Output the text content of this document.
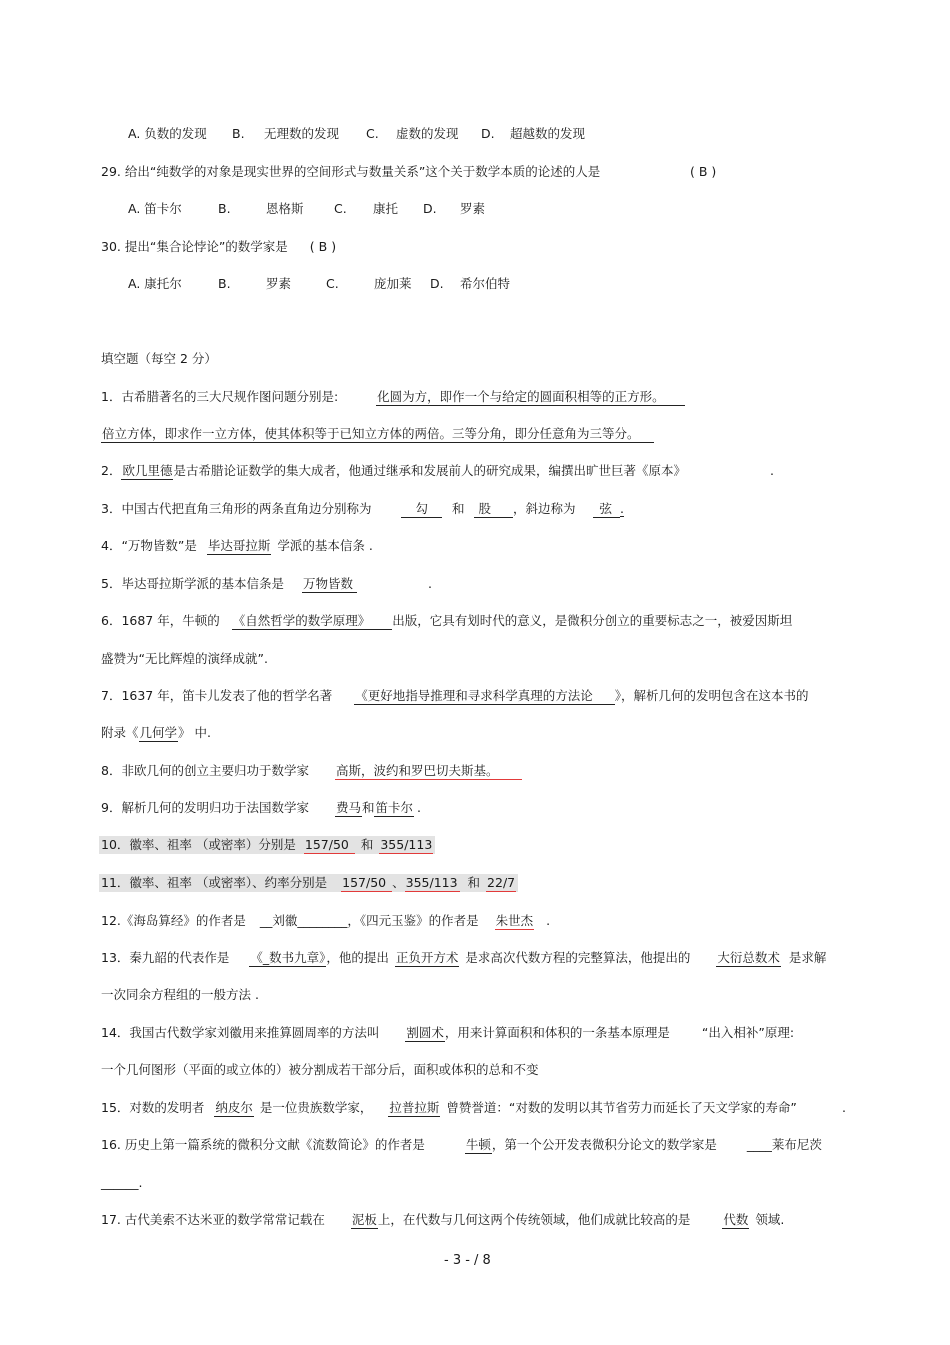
A. 负数的发现 B. 无理数的发现 C. 虚数的发现 D. 超越数的发现
29. 给出“纯数学的对象是现实世界的空间形式与数量关系”这个关于数学本质的论述的人是	( B )
A. 笛卡尔	B.	恩格斯 C. 康托 D. 罗素
30. 提出“集合论悖论”的数学家是 ( B )
A. 康托尔	B.	罗素	C.	庞加莱 D. 希尔伯特
填空题（每空 2 分）
1．古希腊著名的三大尺规作图问题分别是:	化圆为方，即作一个与给定的圆面积相等的正方形。
倍立方体，即求作一立方体，使其体积等于已知立方体的两倍。三等分角，即分任意角为三等分。
2．欧几里德是古希腊论证数学的集大成者，他通过继承和发展前人的研究成果，编撰出旷世巨著《原本》	.
3．中国古代把直角三角形的两条直角边分别称为	勾 和 股 ，斜边称为 弦 .
4．“万物皆数”是 毕达哥拉斯 学派的基本信条 .
5．毕达哥拉斯学派的基本信条是 万物皆数	.
6．1687 年，牛顿的 《自然哲学的数学原理》 出版，它具有划时代的意义，是微积分创立的重要标志之一，被爱因斯坦
盛赞为“无比辉煌的演绎成就”.
7．1637 年，笛卡儿发表了他的哲学名著 《更好地指导推理和寻求科学真理的方法论 》，解析几何的发明包含在这本书的
附录《几何学》 中.
8．非欧几何的创立主要归功于数学家 高斯，波约和罗巴切夫斯基。
9．解析几何的发明归功于法国数学家 费马和笛卡尔 .
10．徽率、祖率 （或密率）分别是 157/50 和 355/113
11．徽率、祖率 （或密率）、约率分别是 157/50 、355/113 和 22/7
12.《海岛算经》的作者是 __刘徽________，《四元玉鉴》的作者是 朱世杰 .
13．秦九韶的代表作是 《_数书九章》，他的提出 正负开方术 是求高次代数方程的完整算法，他提出的 大衍总数术 是求解
一次同余方程组的一般方法 .
14．我国古代数学家刘徽用来推算圆周率的方法叫 割圆术，用来计算面积和体积的一条基本原理是	“出入相补”原理:
一个几何图形（平面的或立体的）被分割成若干部分后，面积或体积的总和不变
15．对数的发明者 纳皮尔 是一位贵族数学家， 拉普拉斯 曾赞誉道：“对数的发明以其节省劳力而延长了天文学家的寿命”	.
16. 历史上第一篇系统的微积分文献《流数简论》的作者是	牛顿，第一个公开发表微积分论文的数学家是 ____莱布尼茨
______.
17. 古代美索不达米亚的数学常常记载在 泥板上，在代数与几何这两个传统领域，他们成就比较高的是	代数 领域.
- 3 - / 8
